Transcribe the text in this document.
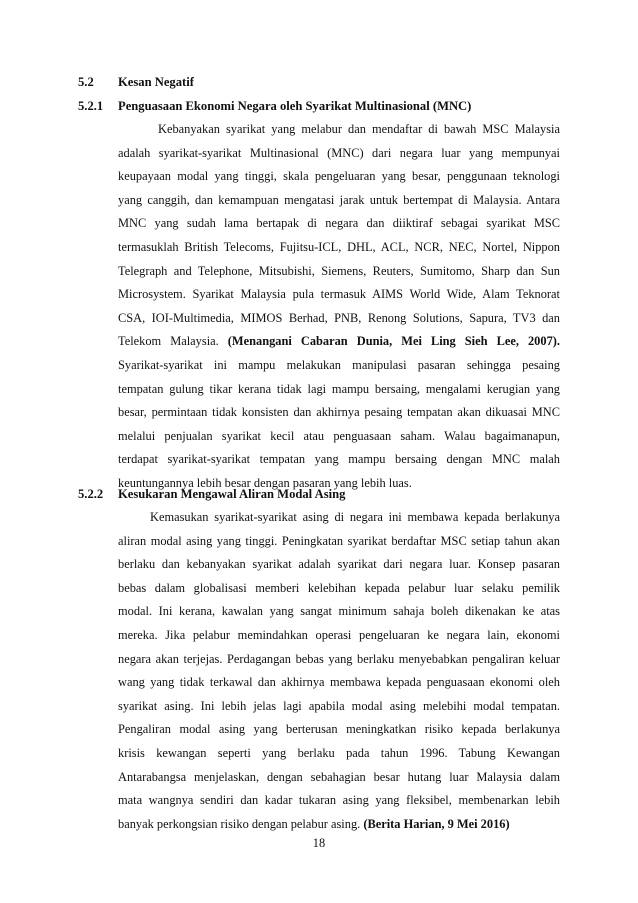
5.2 Kesan Negatif
5.2.1 Penguasaan Ekonomi Negara oleh Syarikat Multinasional (MNC)
Kebanyakan syarikat yang melabur dan mendaftar di bawah MSC Malaysia
adalah syarikat-syarikat Multinasional (MNC) dari negara luar yang mempunyai
keupayaan modal yang tinggi, skala pengeluaran yang besar, penggunaan teknologi
yang canggih, dan kemampuan mengatasi jarak untuk bertempat di Malaysia. Antara
MNC yang sudah lama bertapak di negara dan diiktiraf sebagai syarikat MSC
termasuklah British Telecoms, Fujitsu-ICL, DHL, ACL, NCR, NEC, Nortel, Nippon
Telegraph and Telephone, Mitsubishi, Siemens, Reuters, Sumitomo, Sharp dan Sun
Microsystem. Syarikat Malaysia pula termasuk AIMS World Wide, Alam Teknorat
CSA, IOI-Multimedia, MIMOS Berhad, PNB, Renong Solutions, Sapura, TV3 dan
Telekom Malaysia. (Menangani Cabaran Dunia, Mei Ling Sieh Lee, 2007).
Syarikat-syarikat ini mampu melakukan manipulasi pasaran sehingga pesaing
tempatan gulung tikar kerana tidak lagi mampu bersaing, mengalami kerugian yang
besar, permintaan tidak konsisten dan akhirnya pesaing tempatan akan dikuasai MNC
melalui penjualan syarikat kecil atau penguasaan saham. Walau bagaimanapun,
terdapat syarikat-syarikat tempatan yang mampu bersaing dengan MNC malah
keuntungannya lebih besar dengan pasaran yang lebih luas.
5.2.2 Kesukaran Mengawal Aliran Modal Asing
Kemasukan syarikat-syarikat asing di negara ini membawa kepada berlakunya
aliran modal asing yang tinggi. Peningkatan syarikat berdaftar MSC setiap tahun akan
berlaku dan kebanyakan syarikat adalah syarikat dari negara luar. Konsep pasaran
bebas dalam globalisasi memberi kelebihan kepada pelabur luar selaku pemilik
modal. Ini kerana, kawalan yang sangat minimum sahaja boleh dikenakan ke atas
mereka. Jika pelabur memindahkan operasi pengeluaran ke negara lain, ekonomi
negara akan terjejas. Perdagangan bebas yang berlaku menyebabkan pengaliran keluar
wang yang tidak terkawal dan akhirnya membawa kepada penguasaan ekonomi oleh
syarikat asing. Ini lebih jelas lagi apabila modal asing melebihi modal tempatan.
Pengaliran modal asing yang berterusan meningkatkan risiko kepada berlakunya
krisis kewangan seperti yang berlaku pada tahun 1996. Tabung Kewangan
Antarabangsa menjelaskan, dengan sebahagian besar hutang luar Malaysia dalam
mata wangnya sendiri dan kadar tukaran asing yang fleksibel, membenarkan lebih
banyak perkongsian risiko dengan pelabur asing. (Berita Harian, 9 Mei 2016)
18
